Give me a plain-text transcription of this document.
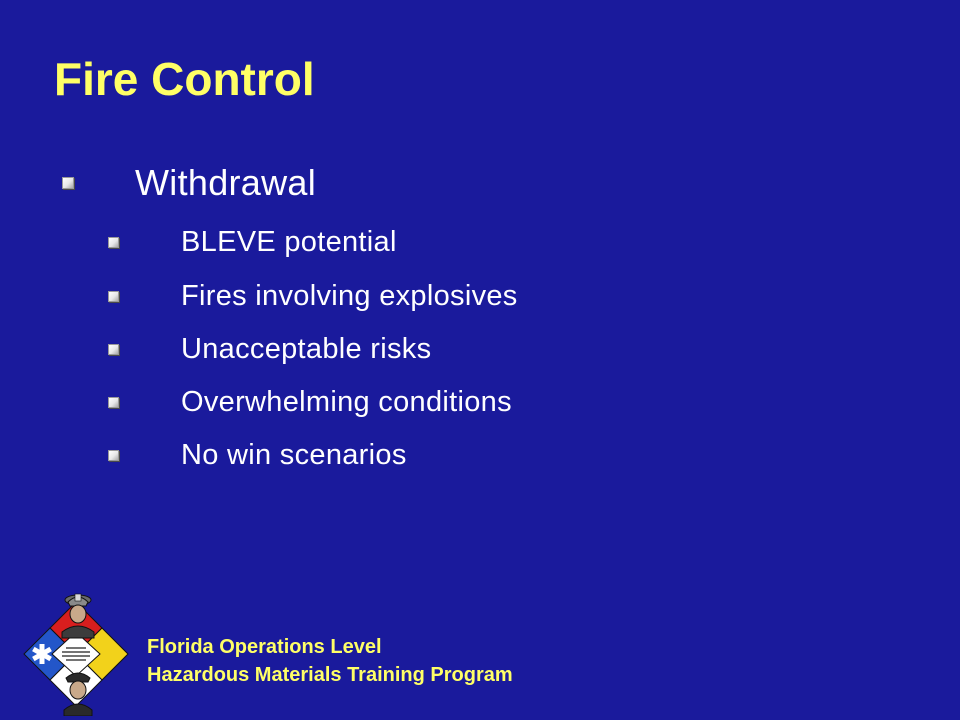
Fire Control
Withdrawal
BLEVE potential
Fires involving explosives
Unacceptable risks
Overwhelming conditions
No win scenarios
Florida Operations Level
Hazardous Materials Training Program
